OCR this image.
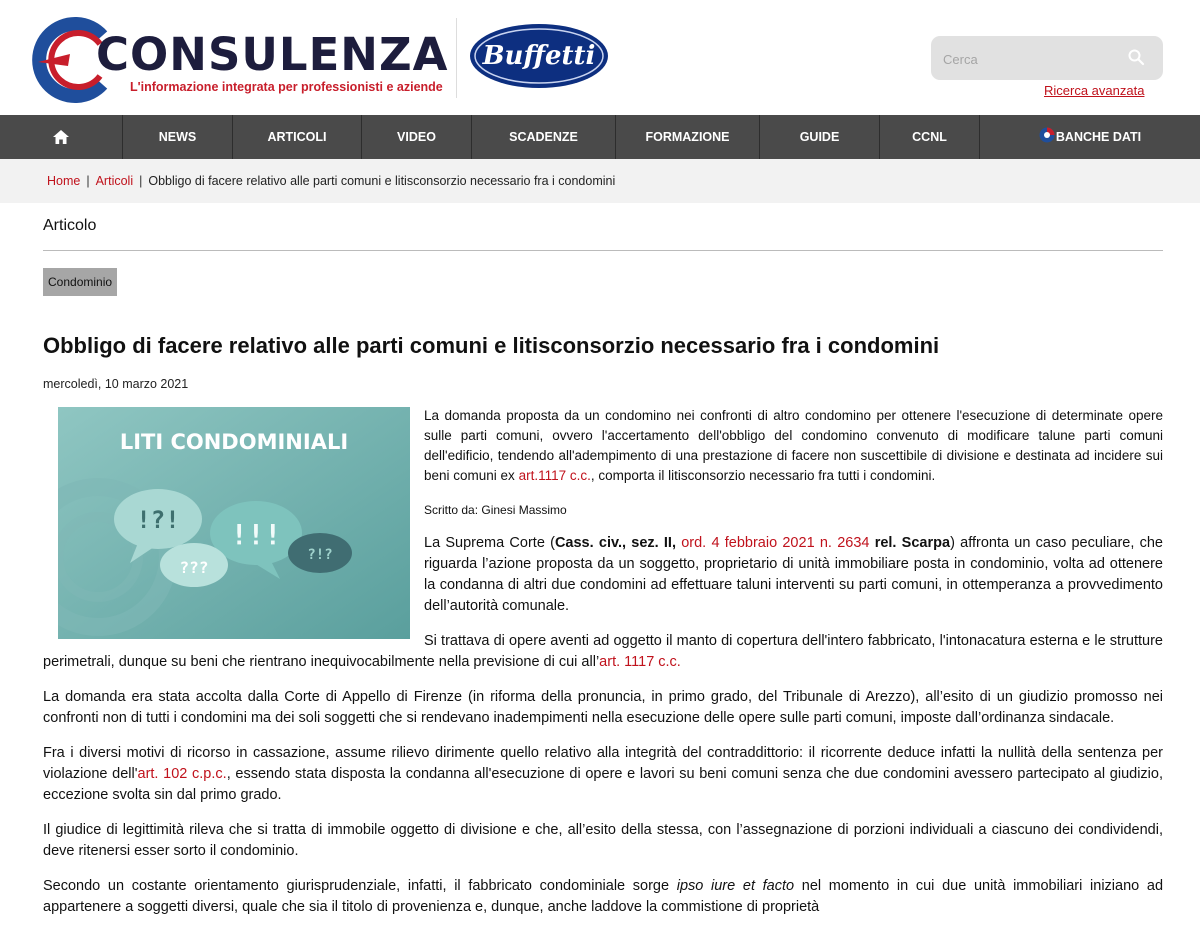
CONSULENZA
L'informazione integrata per professionisti e aziende
Buffetti
Cerca
Ricerca avanzata
NEWS	ARTICOLI	VIDEO	SCADENZE	FORMAZIONE	GUIDE	CCNL	BANCHE DATI
Home | Articoli | Obbligo di facere relativo alle parti comuni e litisconsorzio necessario fra i condomini
Articolo
Condominio
Obbligo di facere relativo alle parti comuni e litisconsorzio necessario fra i condomini
mercoledì, 10 marzo 2021
LITI CONDOMINIALI
!?! !!!
???
?!?

La domanda proposta da un condomino nei confronti di altro condomino per ottenere l'esecuzione di determinate opere sulle parti comuni, ovvero l'accertamento dell'obbligo del condomino convenuto di modificare talune parti comuni dell'edificio, tendendo all'adempimento di una prestazione di facere non suscettibile di divisione e destinata ad incidere sui beni comuni ex art.1117 c.c., comporta il litisconsorzio necessario fra tutti i condomini.

Scritto da: Ginesi Massimo

La Suprema Corte (Cass. civ., sez. II, ord. 4 febbraio 2021 n. 2634 rel. Scarpa) affronta un caso peculiare, che riguarda l’azione proposta da un soggetto, proprietario di unità immobiliare posta in condominio, volta ad ottenere la condanna di altri due condomini ad effettuare taluni interventi su parti comuni, in ottemperanza a provvedimento dell’autorità comunale.

Si trattava di opere aventi ad oggetto il manto di copertura dell'intero fabbricato, l'intonacatura esterna e le strutture perimetrali, dunque su beni che rientrano inequivocabilmente nella previsione di cui all’art. 1117 c.c.

La domanda era stata accolta dalla Corte di Appello di Firenze (in riforma della pronuncia, in primo grado, del Tribunale di Arezzo), all’esito di un giudizio promosso nei confronti non di tutti i condomini ma dei soli soggetti che si rendevano inadempimenti nella esecuzione delle opere sulle parti comuni, imposte dall’ordinanza sindacale.

Fra i diversi motivi di ricorso in cassazione, assume rilievo dirimente quello relativo alla integrità del contraddittorio: il ricorrente deduce infatti la nullità della sentenza per violazione dell'art. 102 c.p.c., essendo stata disposta la condanna all'esecuzione di opere e lavori su beni comuni senza che due condomini avessero partecipato al giudizio, eccezione svolta sin dal primo grado.

Il giudice di legittimità rileva che si tratta di immobile oggetto di divisione e che, all’esito della stessa, con l’assegnazione di porzioni individuali a ciascuno dei condividendi, deve ritenersi esser sorto il condominio.

Secondo un costante orientamento giurisprudenziale, infatti, il fabbricato condominiale sorge ipso iure et facto nel momento in cui due unità immobiliari iniziano ad appartenere a soggetti diversi, quale che sia il titolo di provenienza e, dunque, anche laddove la commistione di proprietà
